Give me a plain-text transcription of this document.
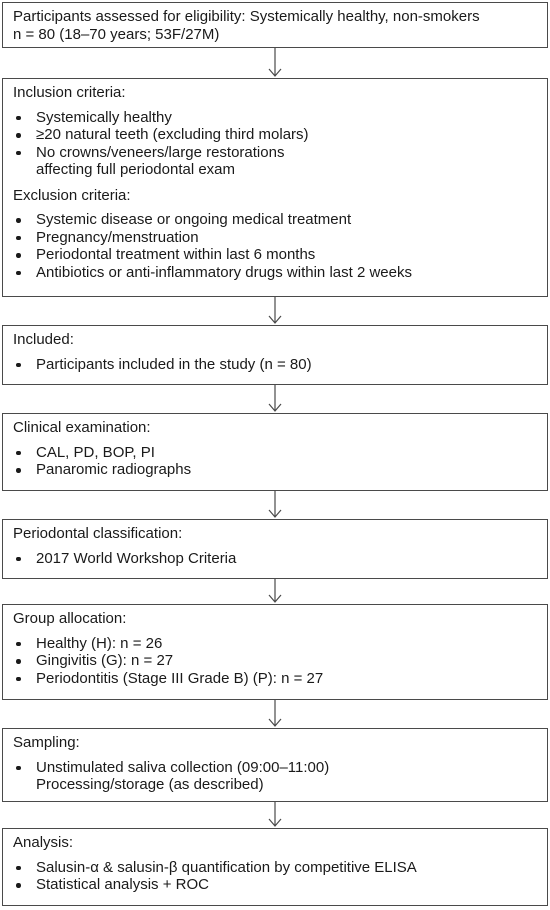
Participants assessed for eligibility: Systemically healthy, non-smokers
n = 80 (18–70 years; 53F/27M)
Inclusion criteria:
Systemically healthy
≥20 natural teeth (excluding third molars)
No crowns/veneers/large restorations
affecting full periodontal exam
Exclusion criteria:
Systemic disease or ongoing medical treatment
Pregnancy/menstruation
Periodontal treatment within last 6 months
Antibiotics or anti-inflammatory drugs within last 2 weeks
Included:
Participants included in the study (n = 80)
Clinical examination:
CAL, PD, BOP, PI
Panaromic radiographs
Periodontal classification:
2017 World Workshop Criteria
Group allocation:
Healthy (H): n = 26
Gingivitis (G): n = 27
Periodontitis (Stage III Grade B) (P): n = 27
Sampling:
Unstimulated saliva collection (09:00–11:00)
Processing/storage (as described)
Analysis:
Salusin-α & salusin-β quantification by competitive ELISA
Statistical analysis + ROC
